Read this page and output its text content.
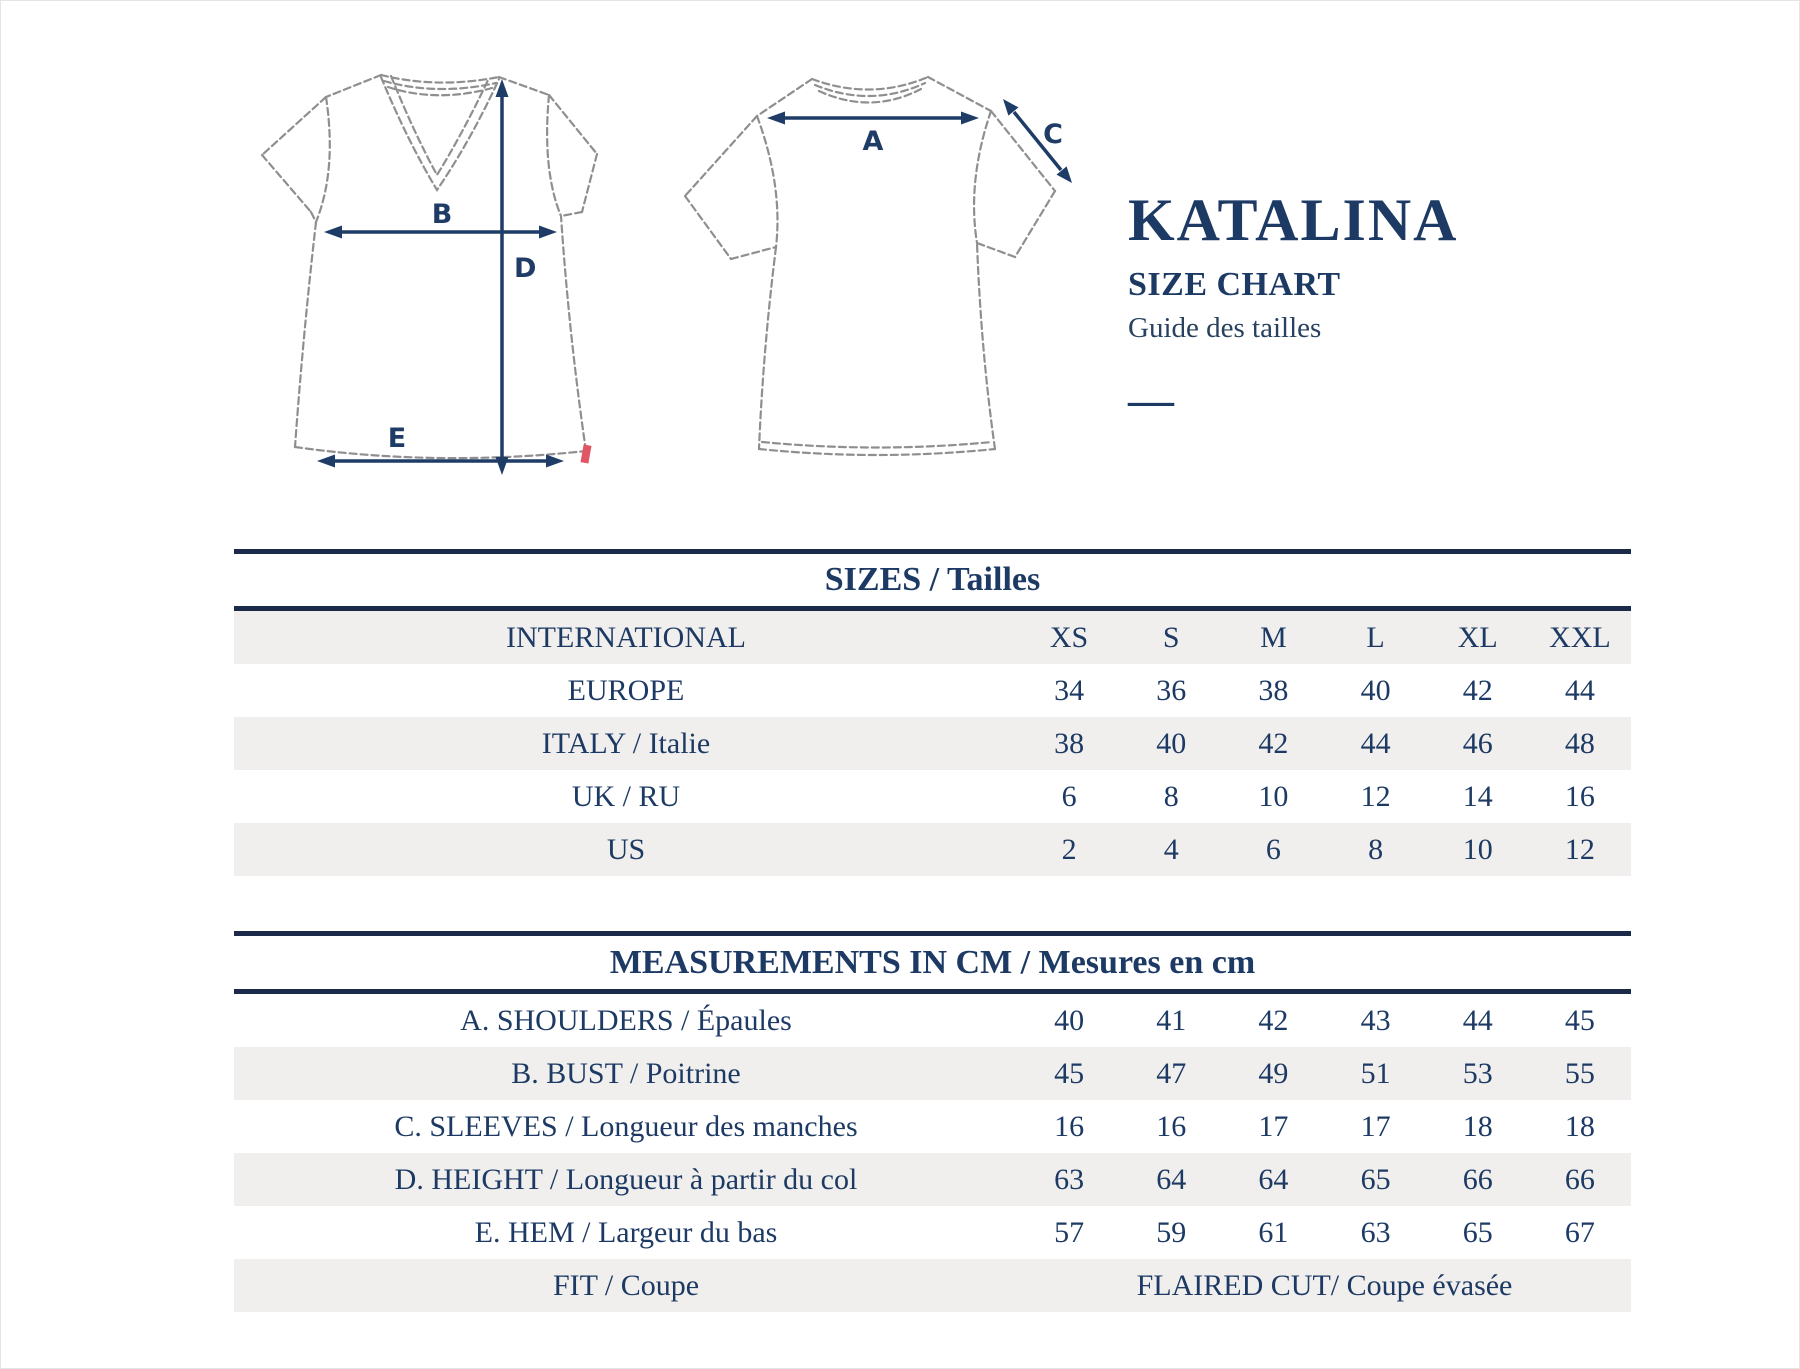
B
D
E
A	C
KATALINA
SIZE CHART
Guide des tailles
—
SIZES / Tailles
INTERNATIONAL	XS	S	M	L	XL	XXL
EUROPE	34	36	38	40	42	44
ITALY / Italie	38	40	42	44	46	48
UK / RU	6	8	10	12	14	16
US	2	4	6	8	10	12
MEASUREMENTS IN CM / Mesures en cm
A. SHOULDERS / Épaules	40	41	42	43	44	45
B. BUST / Poitrine	45	47	49	51	53	55
C. SLEEVES / Longueur des manches	16	16	17	17	18	18
D. HEIGHT / Longueur à partir du col	63	64	64	65	66	66
E. HEM / Largeur du bas	57	59	61	63	65	67
FIT / Coupe	FLAIRED CUT/ Coupe évasée
